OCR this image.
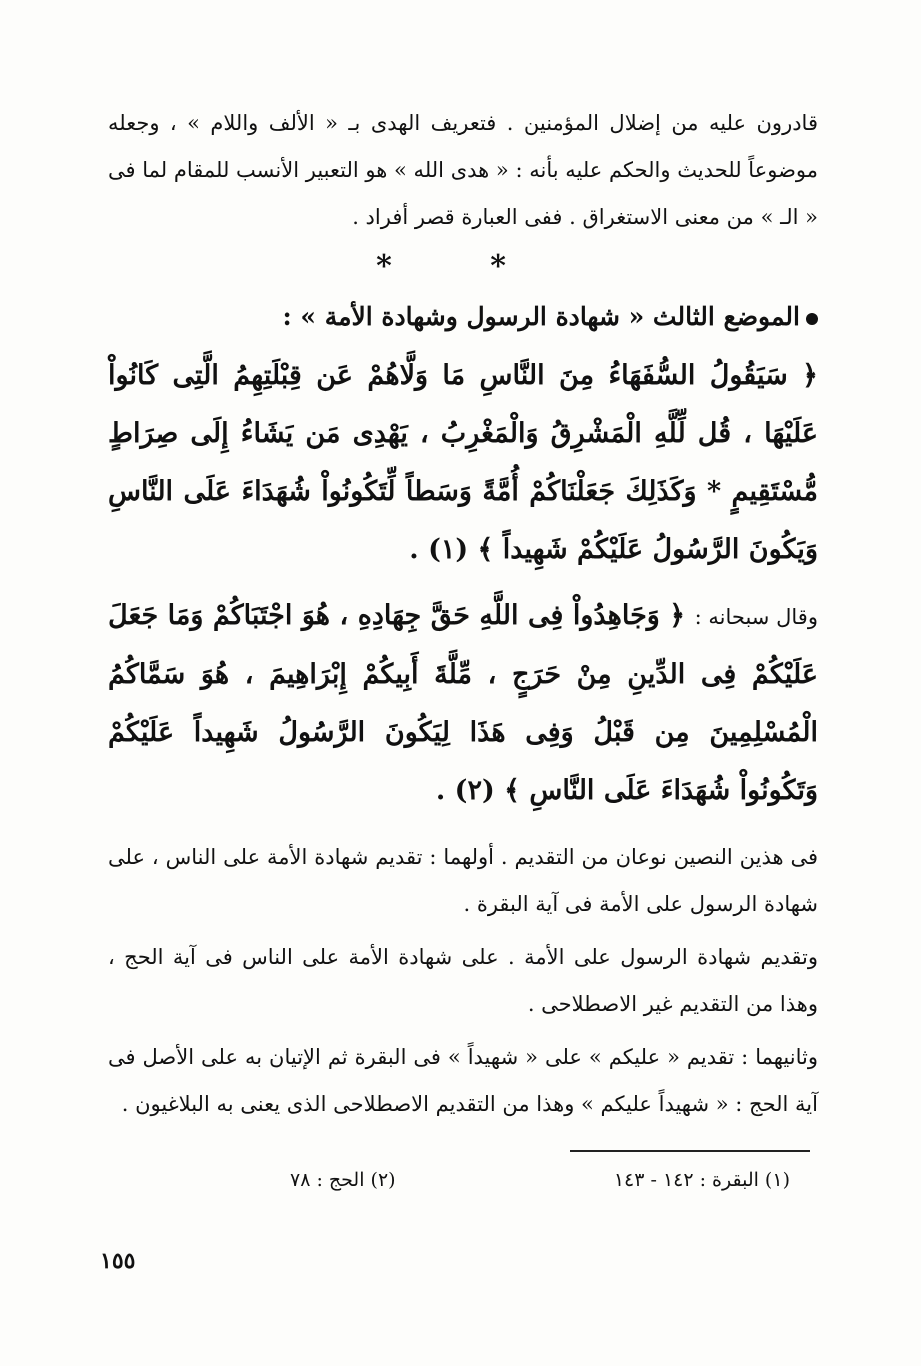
قادرون عليه من إضلال المؤمنين . فتعريف الهدى بـ « الألف واللام » ، وجعله موضوعاً للحديث والحكم عليه بأنه : « هدى الله » هو التعبير الأنسب للمقام لما فى « الـ » من معنى الاستغراق . ففى العبارة قصر أفراد .

* *

الموضع الثالث « شهادة الرسول وشهادة الأمة » :

﴿ سَيَقُولُ السُّفَهَاءُ مِنَ النَّاسِ مَا وَلَّاهُمْ عَن قِبْلَتِهِمُ الَّتِى كَانُواْ عَلَيْهَا ، قُل لِّلَّهِ الْمَشْرِقُ وَالْمَغْرِبُ ، يَهْدِى مَن يَشَاءُ إِلَى صِرَاطٍ مُّسْتَقِيمٍ * وَكَذَلِكَ جَعَلْنَاكُمْ أُمَّةً وَسَطاً لِّتَكُونُواْ شُهَدَاءَ عَلَى النَّاسِ وَيَكُونَ الرَّسُولُ عَلَيْكُمْ شَهِيداً ﴾ (١) .

وقال سبحانه : ﴿ وَجَاهِدُواْ فِى اللَّهِ حَقَّ جِهَادِهِ ، هُوَ اجْتَبَاكُمْ وَمَا جَعَلَ عَلَيْكُمْ فِى الدِّينِ مِنْ حَرَجٍ ، مِّلَّةَ أَبِيكُمْ إِبْرَاهِيمَ ، هُوَ سَمَّاكُمُ الْمُسْلِمِينَ مِن قَبْلُ وَفِى هَذَا لِيَكُونَ الرَّسُولُ شَهِيداً عَلَيْكُمْ وَتَكُونُواْ شُهَدَاءَ عَلَى النَّاسِ ﴾ (٢) .

فى هذين النصين نوعان من التقديم . أولهما : تقديم شهادة الأمة على الناس ، على شهادة الرسول على الأمة فى آية البقرة .

وتقديم شهادة الرسول على الأمة . على شهادة الأمة على الناس فى آية الحج ، وهذا من التقديم غير الاصطلاحى .

وثانيهما : تقديم « عليكم » على « شهيداً » فى البقرة ثم الإتيان به على الأصل فى آية الحج : « شهيداً عليكم » وهذا من التقديم الاصطلاحى الذى يعنى به البلاغيون .

(١) البقرة : ١٤٢ - ١٤٣
(٢) الحج : ٧٨
١٥٥
